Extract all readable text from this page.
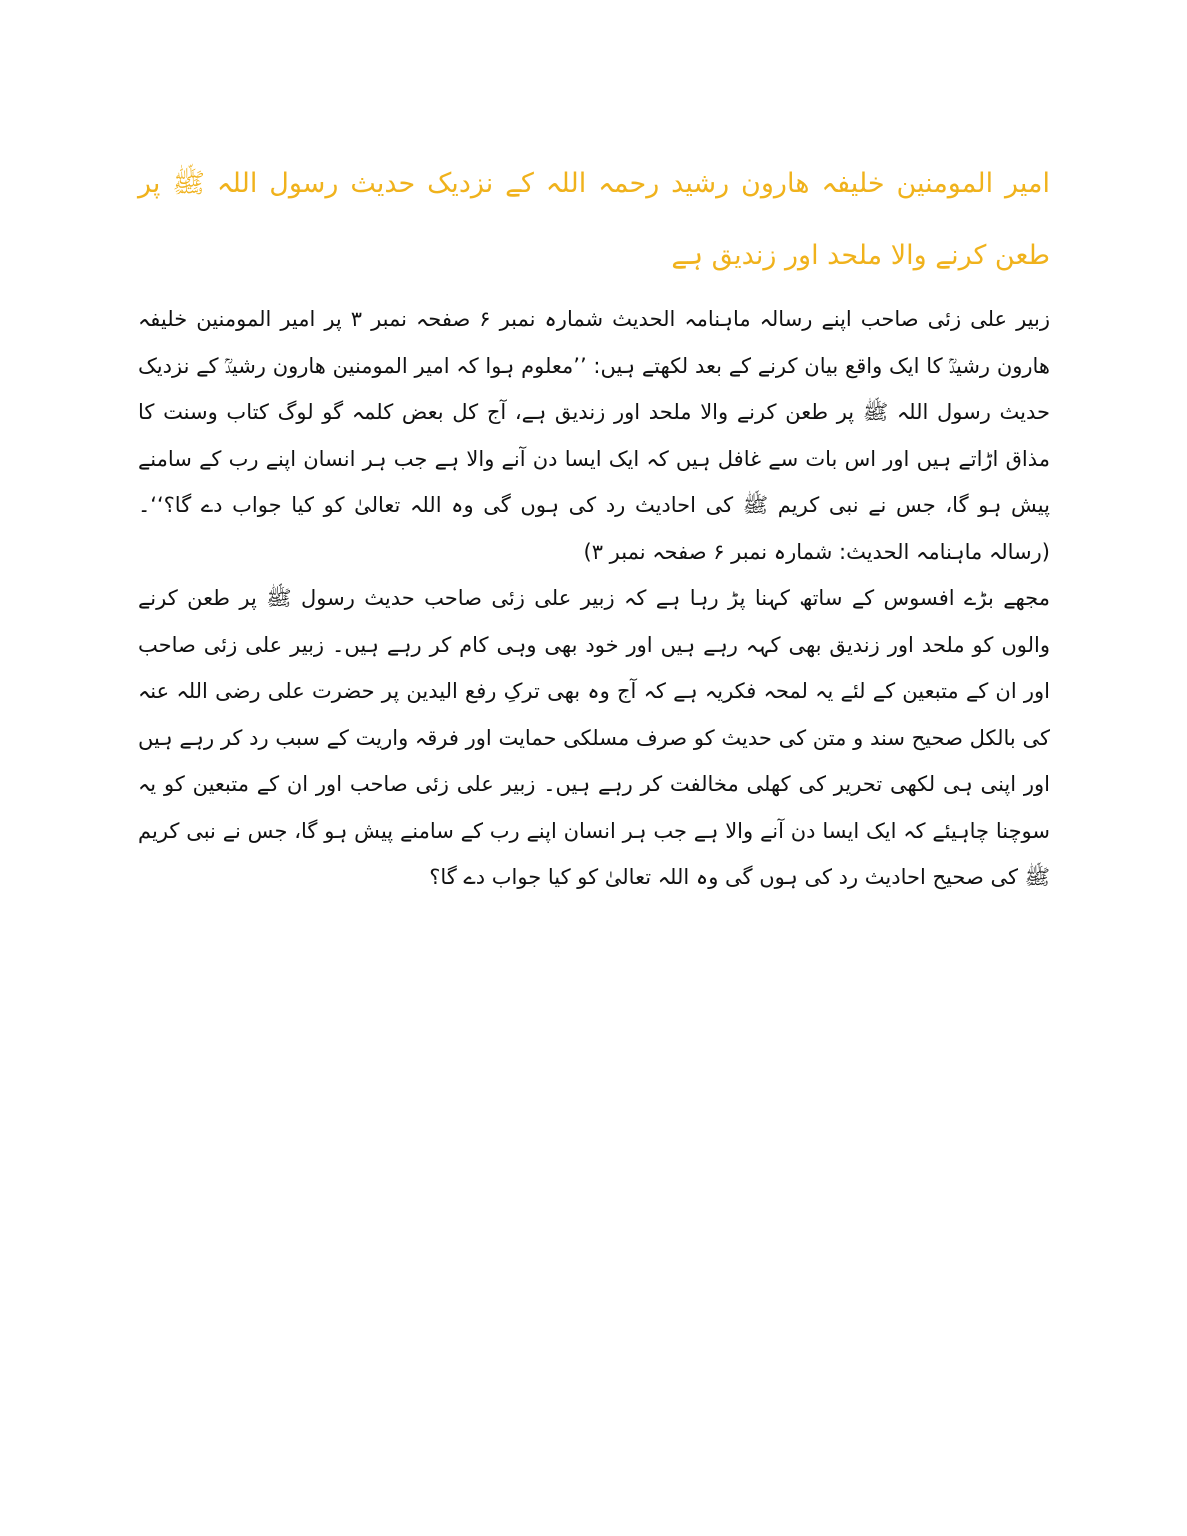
امیر المومنین خلیفہ ھارون رشید رحمہ اللہ کے نزدیک حدیث رسول اللہ ﷺ پر طعن کرنے والا ملحد اور زندیق ہے

زبیر علی زئی صاحب اپنے رسالہ ماہنامہ الحدیث شمارہ نمبر ۶ صفحہ نمبر ۳ پر امیر المومنین خلیفہ ھارون رشیدؒ کا ایک واقع بیان کرنے کے بعد لکھتے ہیں: ’’معلوم ہوا کہ امیر المومنین ھارون رشیدؒ کے نزدیک حدیث رسول اللہ ﷺ پر طعن کرنے والا ملحد اور زندیق ہے، آج کل بعض کلمہ گو لوگ کتاب وسنت کا مذاق اڑاتے ہیں اور اس بات سے غافل ہیں کہ ایک ایسا دن آنے والا ہے جب ہر انسان اپنے رب کے سامنے پیش ہو گا، جس نے نبی کریم ﷺ کی احادیث رد کی ہوں گی وہ اللہ تعالیٰ کو کیا جواب دے گا؟‘‘۔ (رسالہ ماہنامہ الحدیث: شمارہ نمبر ۶ صفحہ نمبر ۳)

مجھے بڑے افسوس کے ساتھ کہنا پڑ رہا ہے کہ زبیر علی زئی صاحب حدیث رسول ﷺ پر طعن کرنے والوں کو ملحد اور زندیق بھی کہہ رہے ہیں اور خود بھی وہی کام کر رہے ہیں۔ زبیر علی زئی صاحب اور ان کے متبعین کے لئے یہ لمحہ فکریہ ہے کہ آج وہ بھی ترکِ رفع الیدین پر حضرت علی رضی اللہ عنہ کی بالکل صحیح سند و متن کی حدیث کو صرف مسلکی حمایت اور فرقہ واریت کے سبب رد کر رہے ہیں اور اپنی ہی لکھی تحریر کی کھلی مخالفت کر رہے ہیں۔ زبیر علی زئی صاحب اور ان کے متبعین کو یہ سوچنا چاہیئے کہ ایک ایسا دن آنے والا ہے جب ہر انسان اپنے رب کے سامنے پیش ہو گا، جس نے نبی کریم ﷺ کی صحیح احادیث رد کی ہوں گی وہ اللہ تعالیٰ کو کیا جواب دے گا؟
